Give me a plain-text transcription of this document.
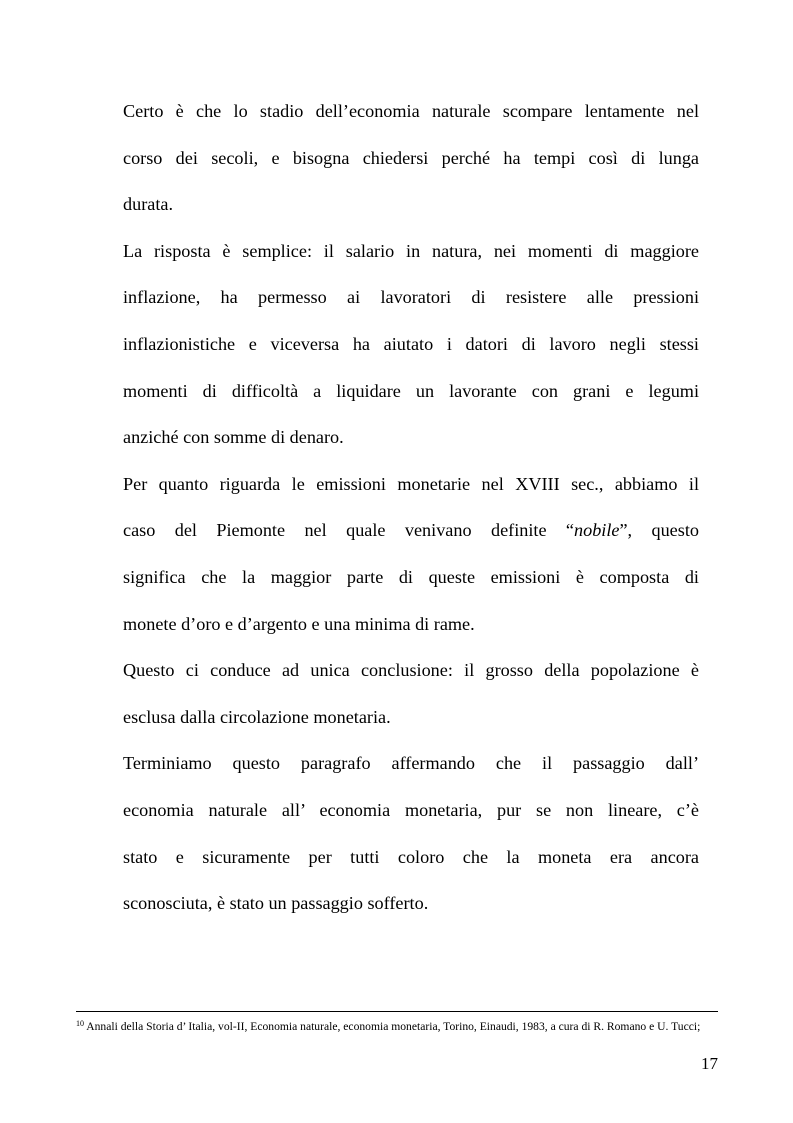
Certo è che lo stadio dell’economia naturale scompare lentamente nel
corso dei secoli, e bisogna chiedersi perché ha tempi così di lunga
durata.
La risposta è semplice: il salario in natura, nei momenti di maggiore
inflazione, ha permesso ai lavoratori di resistere alle pressioni
inflazionistiche e viceversa ha aiutato i datori di lavoro negli stessi
momenti di difficoltà a liquidare un lavorante con grani e legumi
anziché con somme di denaro.
Per quanto riguarda le emissioni monetarie nel XVIII sec., abbiamo il
caso del Piemonte nel quale venivano definite “nobile”, questo
significa che la maggior parte di queste emissioni è composta di
monete d’oro e d’argento e una minima di rame.
Questo ci conduce ad unica conclusione: il grosso della popolazione è
esclusa dalla circolazione monetaria.
Terminiamo questo paragrafo affermando che il passaggio dall’
economia naturale all’ economia monetaria, pur se non lineare, c’è
stato e sicuramente per tutti coloro che la moneta era ancora
sconosciuta, è stato un passaggio sofferto.
$^{10}$ Annali della Storia d’ Italia, vol-II, Economia naturale, economia monetaria, Torino, Einaudi, 1983, a cura di R. Romano e U. Tucci;
17
